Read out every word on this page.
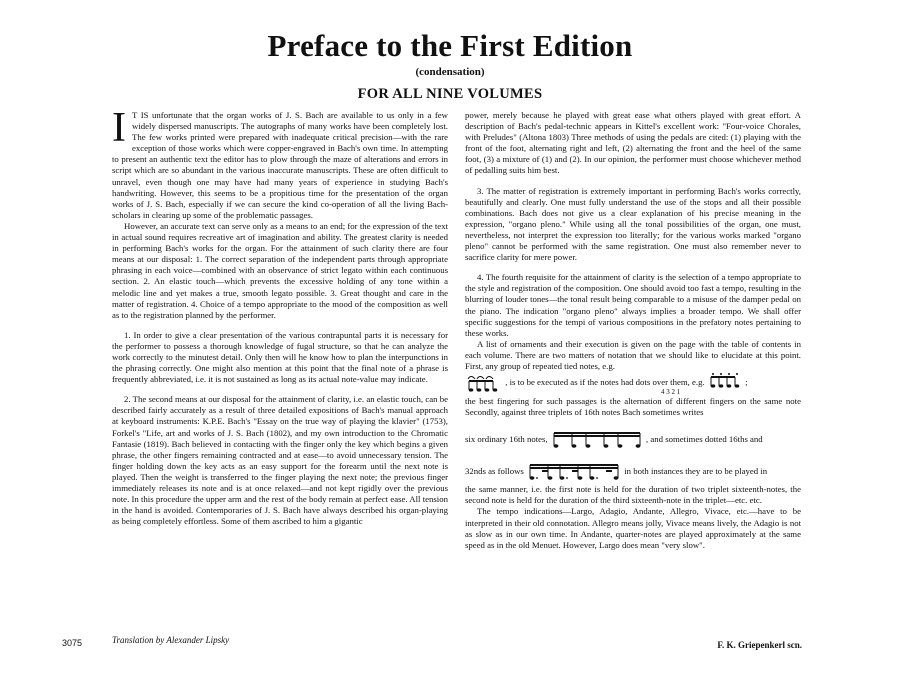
Preface to the First Edition
(condensation)
FOR ALL NINE VOLUMES

I T IS unfortunate that the organ works of J. S. Bach are available to us only in a few widely dispersed manuscripts. The autographs of many works have been completely lost. The few works printed were prepared with inadequate critical precision—with the rare exception of those works which were copper-engraved in Bach's own time. In attempting to present an authentic text the editor has to plow through the maze of alterations and errors in script which are so abundant in the various inaccurate manuscripts. These are often difficult to unravel, even though one may have had many years of experience in studying Bach's handwriting. However, this seems to be a propitious time for the presentation of the organ works of J. S. Bach, especially if we can secure the kind co-operation of all the living Bach-scholars in clearing up some of the problematic passages.

However, an accurate text can serve only as a means to an end; for the expression of the text in actual sound requires recreative art of imagination and ability. The greatest clarity is needed in performing Bach's works for the organ. For the attainment of such clarity there are four means at our disposal: 1. The correct separation of the independent parts through appropriate phrasing in each voice—combined with an observance of strict legato within each continuous section. 2. An elastic touch—which prevents the excessive holding of any tone within a melodic line and yet makes a true, smooth legato possible. 3. Great thought and care in the matter of registration. 4. Choice of a tempo appropriate to the mood of the composition as well as to the registration planned by the performer.

1. In order to give a clear presentation of the various contrapuntal parts it is necessary for the performer to possess a thorough knowledge of fugal structure, so that he can analyze the work correctly to the minutest detail. Only then will he know how to plan the interpunctions in the phrasing correctly. One might also mention at this point that the final note of a phrase is frequently abbreviated, i.e. it is not sustained as long as its actual note-value may indicate.

2. The second means at our disposal for the attainment of clarity, i.e. an elastic touch, can be described fairly accurately as a result of three detailed expositions of Bach's manual approach at keyboard instruments: K.P.E. Bach's "Essay on the true way of playing the klavier" (1753), Forkel's "Life, art and works of J. S. Bach (1802), and my own introduction to the Chromatic Fantasie (1819). Bach believed in contacting with the finger only the key which begins a given phrase, the other fingers remaining contracted and at ease—to avoid unnecessary tension. The finger holding down the key acts as an easy support for the forearm until the next note is played. Then the weight is transferred to the finger playing the next note; the previous finger immediately releases its note and is at once relaxed—and not kept rigidly over the previous note. In this procedure the upper arm and the rest of the body remain at perfect ease. All tension in the hand is avoided. Contemporaries of J. S. Bach have always described his organ-playing as being completely effortless. Some of them ascribed to him a gigantic

power, merely because he played with great ease what others played with great effort. A description of Bach's pedal-technic appears in Kittel's excellent work: "Four-voice Chorales, with Preludes" (Altona 1803) Three methods of using the pedals are cited: (1) playing with the front of the foot, alternating right and left, (2) alternating the front and the heel of the same foot, (3) a mixture of (1) and (2). In our opinion, the performer must choose whichever method of pedalling suits him best.

3. The matter of registration is extremely important in performing Bach's works correctly, beautifully and clearly. One must fully understand the use of the stops and all their possible combinations. Bach does not give us a clear explanation of his precise meaning in the expression, "organo pleno." While using all the tonal possibilities of the organ, one must, nevertheless, not interpret the expression too literally; for the various works marked "organo pleno" cannot be performed with the same registration. One must also remember never to sacrifice clarity for mere power.

4. The fourth requisite for the attainment of clarity is the selection of a tempo appropriate to the style and registration of the composition. One should avoid too fast a tempo, resulting in the blurring of louder tones—the tonal result being comparable to a misuse of the damper pedal on the piano. The indication "organo pleno" always implies a broader tempo. We shall offer specific suggestions for the tempi of various compositions in the prefatory notes pertaining to these works.

A list of ornaments and their execution is given on the page with the table of contents in each volume. There are two matters of notation that we should like to elucidate at this point. First, any group of repeated tied notes, e.g.

, is to be executed as if the notes had dots over them, e.g.	;

4 3 2 1

the best fingering for such passages is the alternation of different fingers on the same note Secondly, against three triplets of 16th notes Bach sometimes writes

six ordinary 16th notes,	, and sometimes dotted 16ths and

32nds as follows	in both instances they are to be played in

the same manner, i.e. the first note is held for the duration of two triplet sixteenth-notes, the second note is held for the duration of the third sixteenth-note in the triplet—etc. etc.

The tempo indications—Largo, Adagio, Andante, Allegro, Vivace, etc.—have to be interpreted in their old connotation. Allegro means jolly, Vivace means lively, the Adagio is not as slow as in our own time. In Andante, quarter-notes are played approximately at the same speed as in the old Menuet. However, Largo does mean "very slow".

3075	Translation by Alexander Lipsky	F. K. Griepenkerl scn.
